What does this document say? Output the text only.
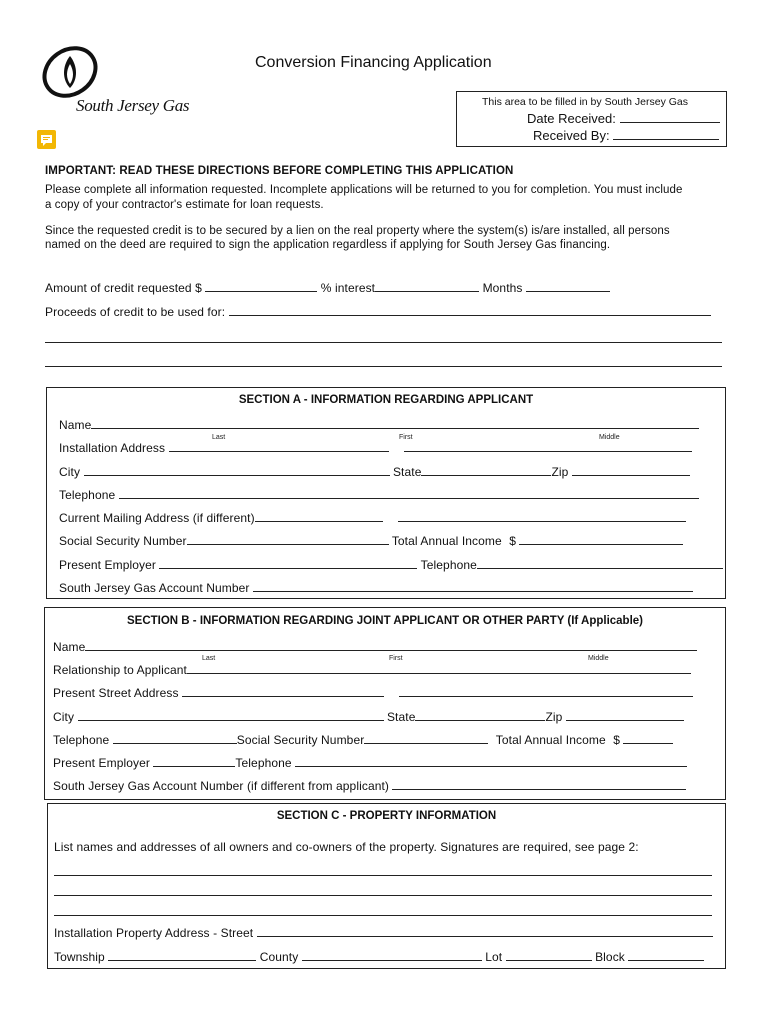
South Jersey Gas
Conversion Financing Application
This area to be filled in by South Jersey Gas
Date Received:
Received By:
IMPORTANT: READ THESE DIRECTIONS BEFORE COMPLETING THIS APPLICATION
Please complete all information requested. Incomplete applications will be returned to you for completion. You must include
a copy of your contractor's estimate for loan requests.
Since the requested credit is to be secured by a lien on the real property where the system(s) is/are installed, all persons
named on the deed are required to sign the application regardless if applying for South Jersey Gas financing.
Amount of credit requested $	% interest	Months
Proceeds of credit to be used for:
SECTION A - INFORMATION REGARDING APPLICANT
Name
Last	First	Middle
Installation Address
City	State	Zip
Telephone
Current Mailing Address (if different)
Social Security Number	Total Annual Income $
Present Employer	Telephone
South Jersey Gas Account Number
SECTION B - INFORMATION REGARDING JOINT APPLICANT OR OTHER PARTY (If Applicable)
Name
Last	First	Middle
Relationship to Applicant
Present Street Address
City	State	Zip
Telephone	Social Security Number	Total Annual Income $
Present Employer	Telephone
South Jersey Gas Account Number (if different from applicant)
SECTION C - PROPERTY INFORMATION
List names and addresses of all owners and co-owners of the property. Signatures are required, see page 2:
Installation Property Address - Street
Township	County	Lot	Block
